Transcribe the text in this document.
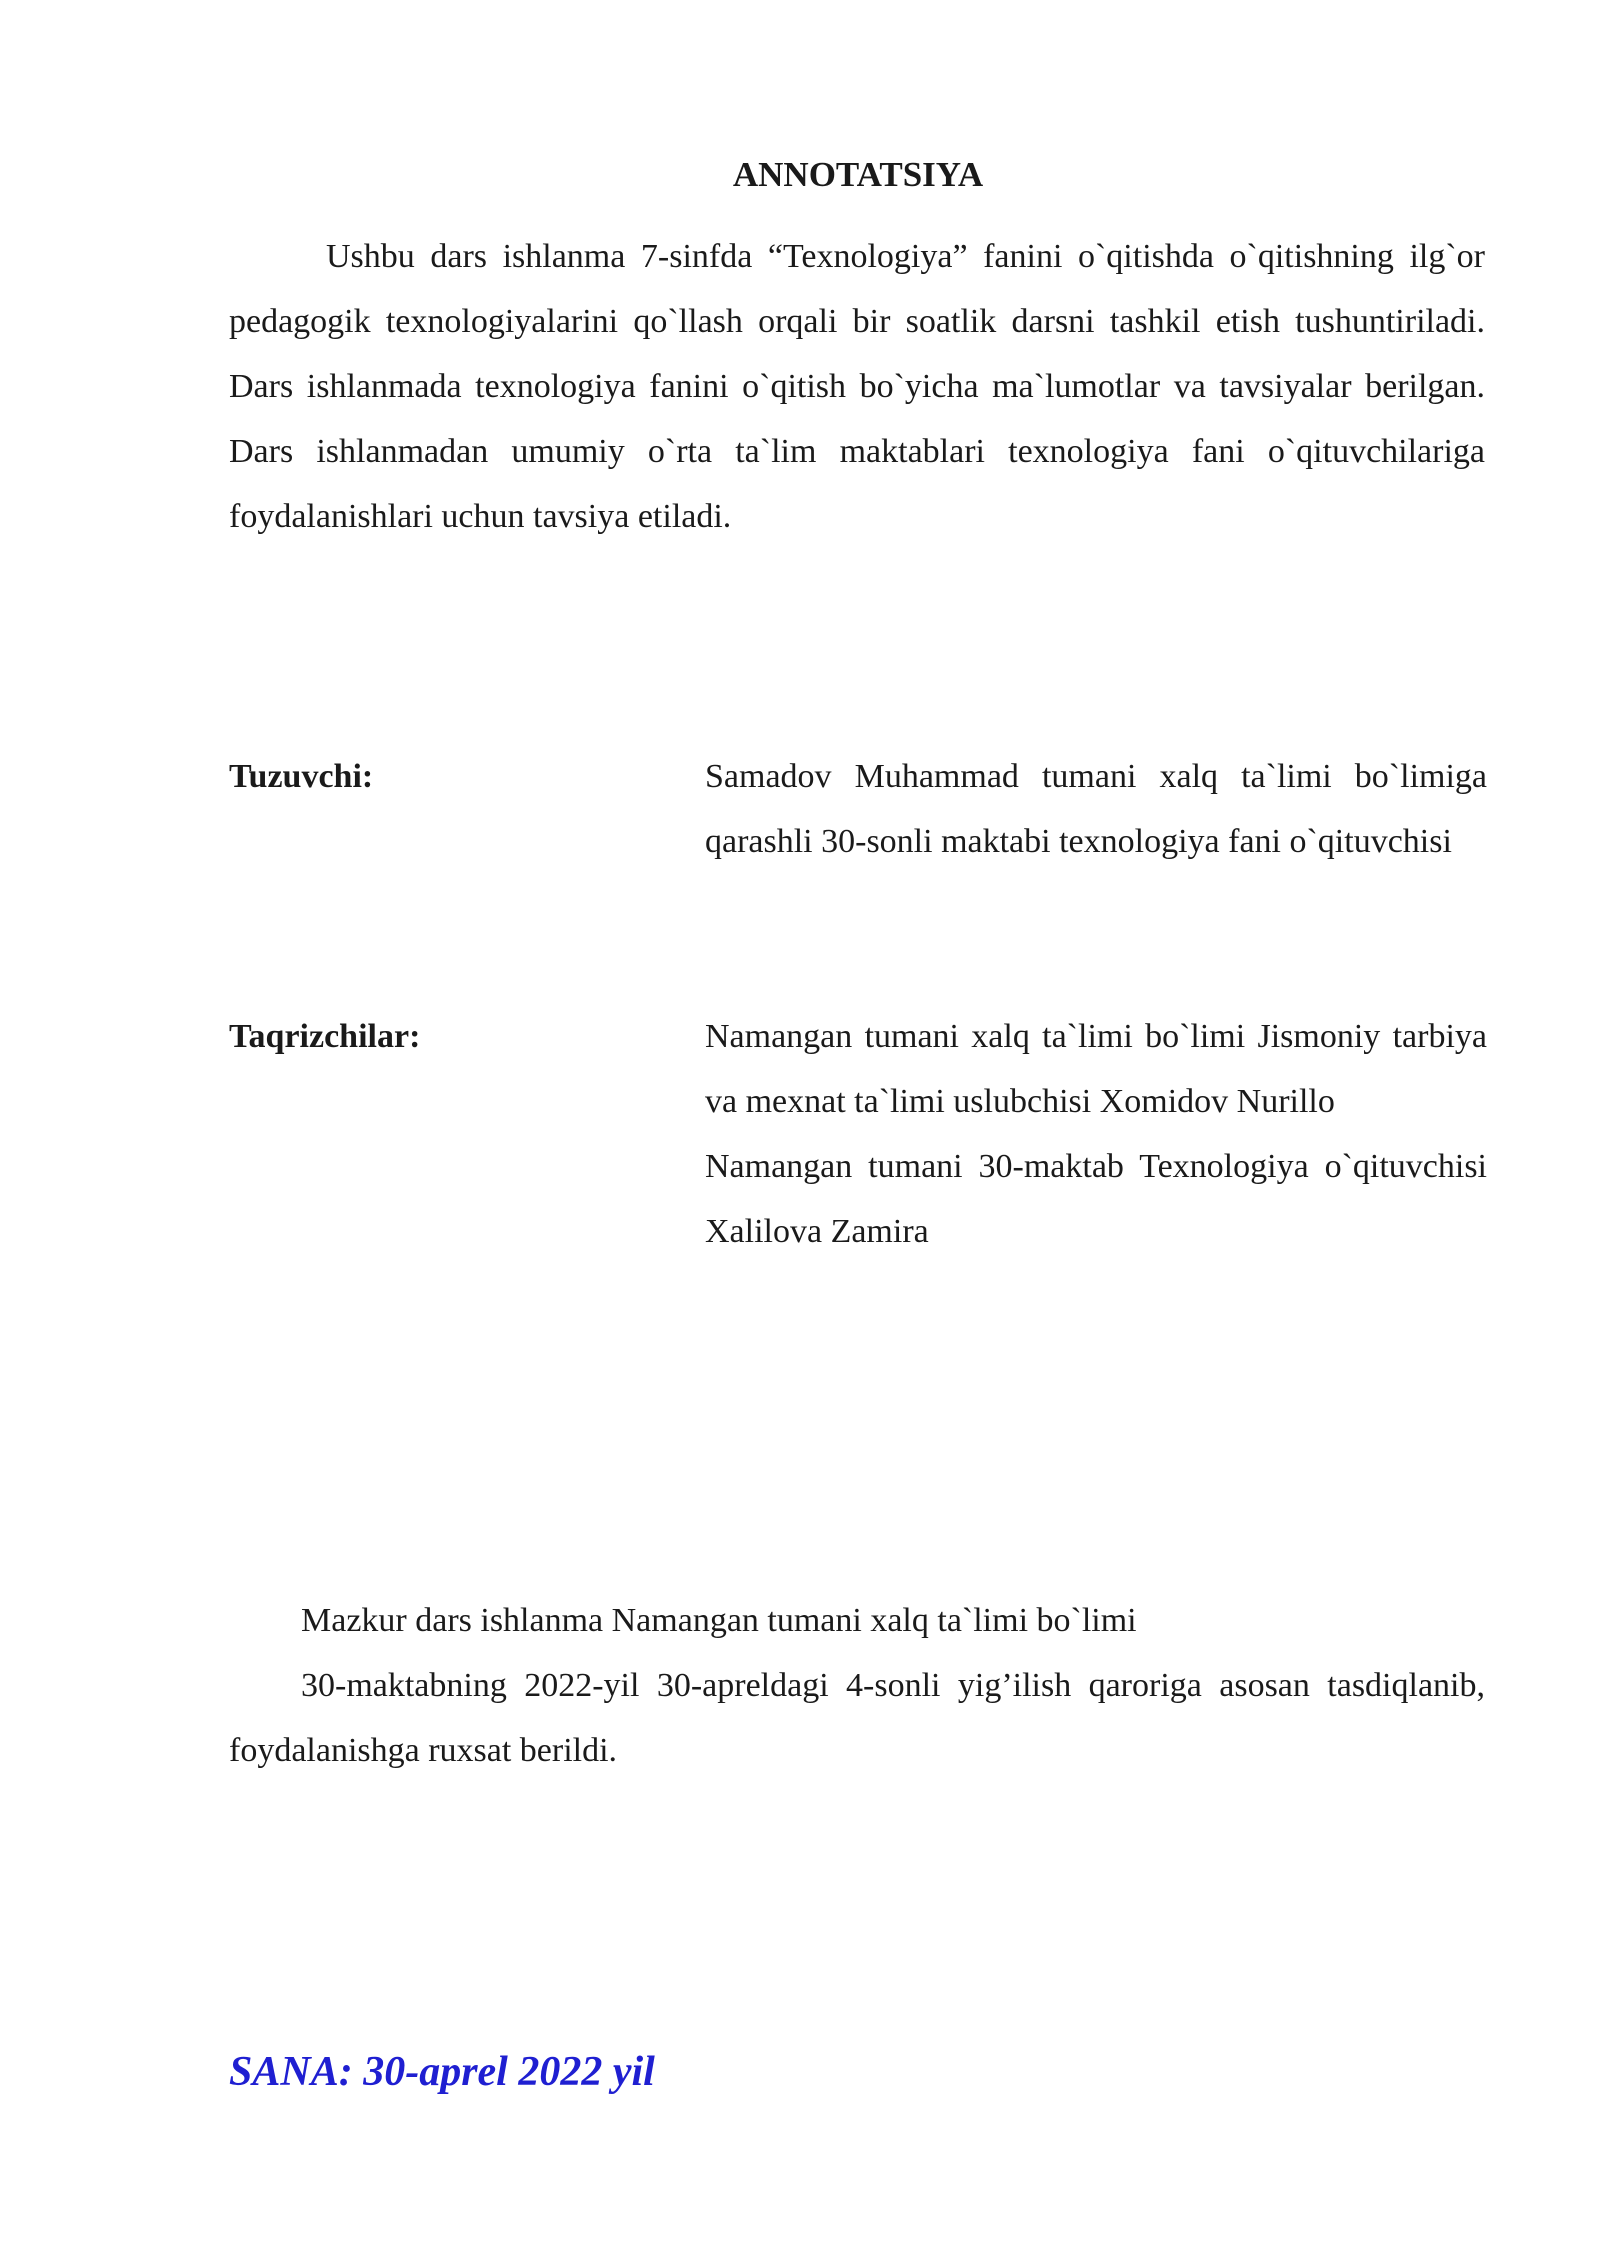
ANNOTATSIYA

Ushbu dars ishlanma 7-sinfda “Texnologiya” fanini o`qitishda o`qitishning ilg`or pedagogik texnologiyalarini qo`llash orqali bir soatlik darsni tashkil etish tushuntiriladi. Dars ishlanmada texnologiya fanini o`qitish bo`yicha ma`lumotlar va tavsiyalar berilgan. Dars ishlanmadan umumiy o`rta ta`lim maktablari texnologiya fani o`qituvchilariga foydalanishlari uchun tavsiya etiladi.

Tuzuvchi:	Samadov Muhammad tumani xalq ta`limi bo`limiga qarashli 30-sonli maktabi texnologiya fani o`qituvchisi

Taqrizchilar:	Namangan tumani xalq ta`limi bo`limi Jismoniy tarbiya va mexnat ta`limi uslubchisi Xomidov Nurillo
Namangan tumani 30-maktab Texnologiya o`qituvchisi Xalilova Zamira
Mazkur dars ishlanma Namangan tumani xalq ta`limi bo`limi
30-maktabning 2022-yil 30-apreldagi 4-sonli yig’ilish qaroriga asosan tasdiqlanib, foydalanishga ruxsat berildi.

SANA: 30-aprel 2022 yil
